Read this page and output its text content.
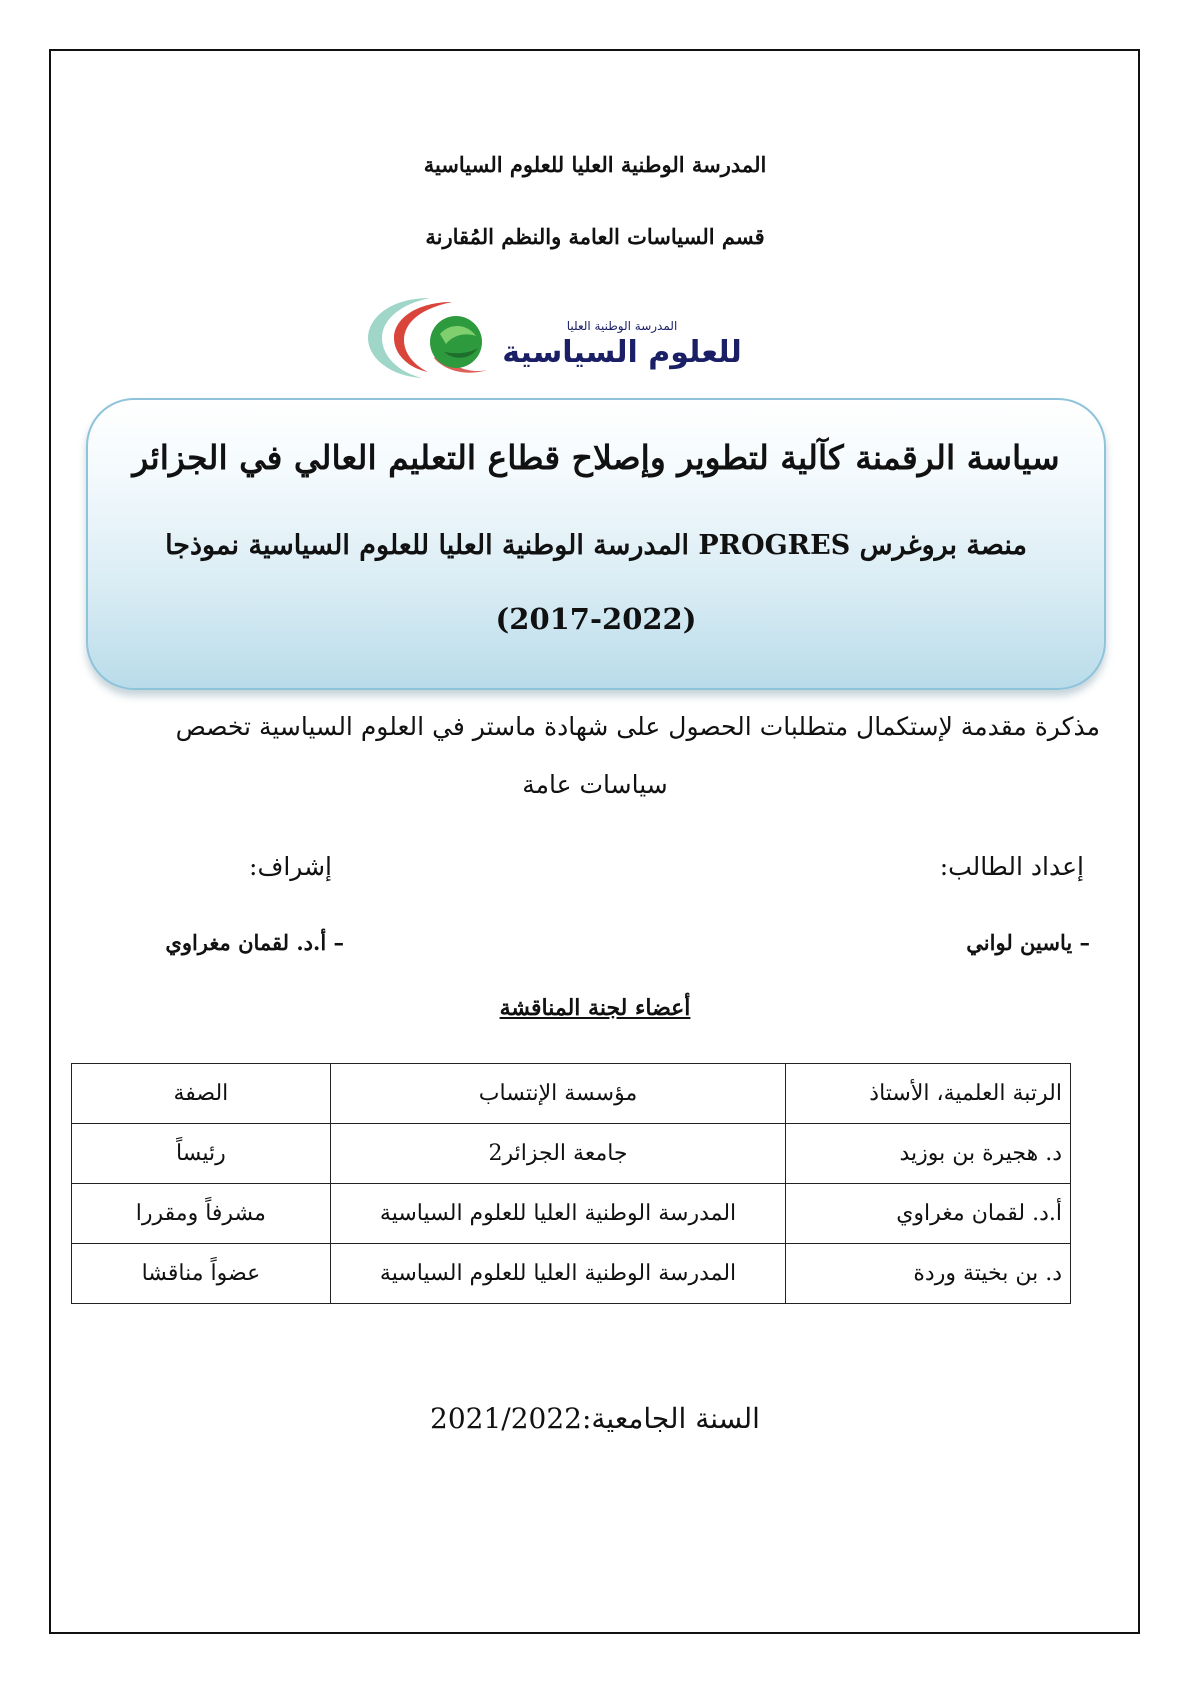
المدرسة الوطنية العليا للعلوم السياسية
قسم السياسات العامة والنظم المُقارنة
المدرسة الوطنية العليا
للعلوم السياسية
سياسة الرقمنة كآلية لتطوير وإصلاح قطاع التعليم العالي في الجزائر
منصة بروغرس PROGRES المدرسة الوطنية العليا للعلوم السياسية نموذجا
(2017-2022)
مذكرة مقدمة لإستكمال متطلبات الحصول على شهادة ماستر في العلوم السياسية تخصص
سياسات عامة
إعداد الطالب:
إشراف:
– ياسين لواني
– أ.د. لقمان مغراوي
أعضاء لجنة المناقشة
الرتبة العلمية، الأستاذ	مؤسسة الإنتساب	الصفة
د. هجيرة بن بوزيد	جامعة الجزائر2	رئيساً
أ.د. لقمان مغراوي	المدرسة الوطنية العليا للعلوم السياسية	مشرفاً ومقررا
د. بن بخيتة وردة	المدرسة الوطنية العليا للعلوم السياسية	عضواً مناقشا
السنة الجامعية:2021/2022
